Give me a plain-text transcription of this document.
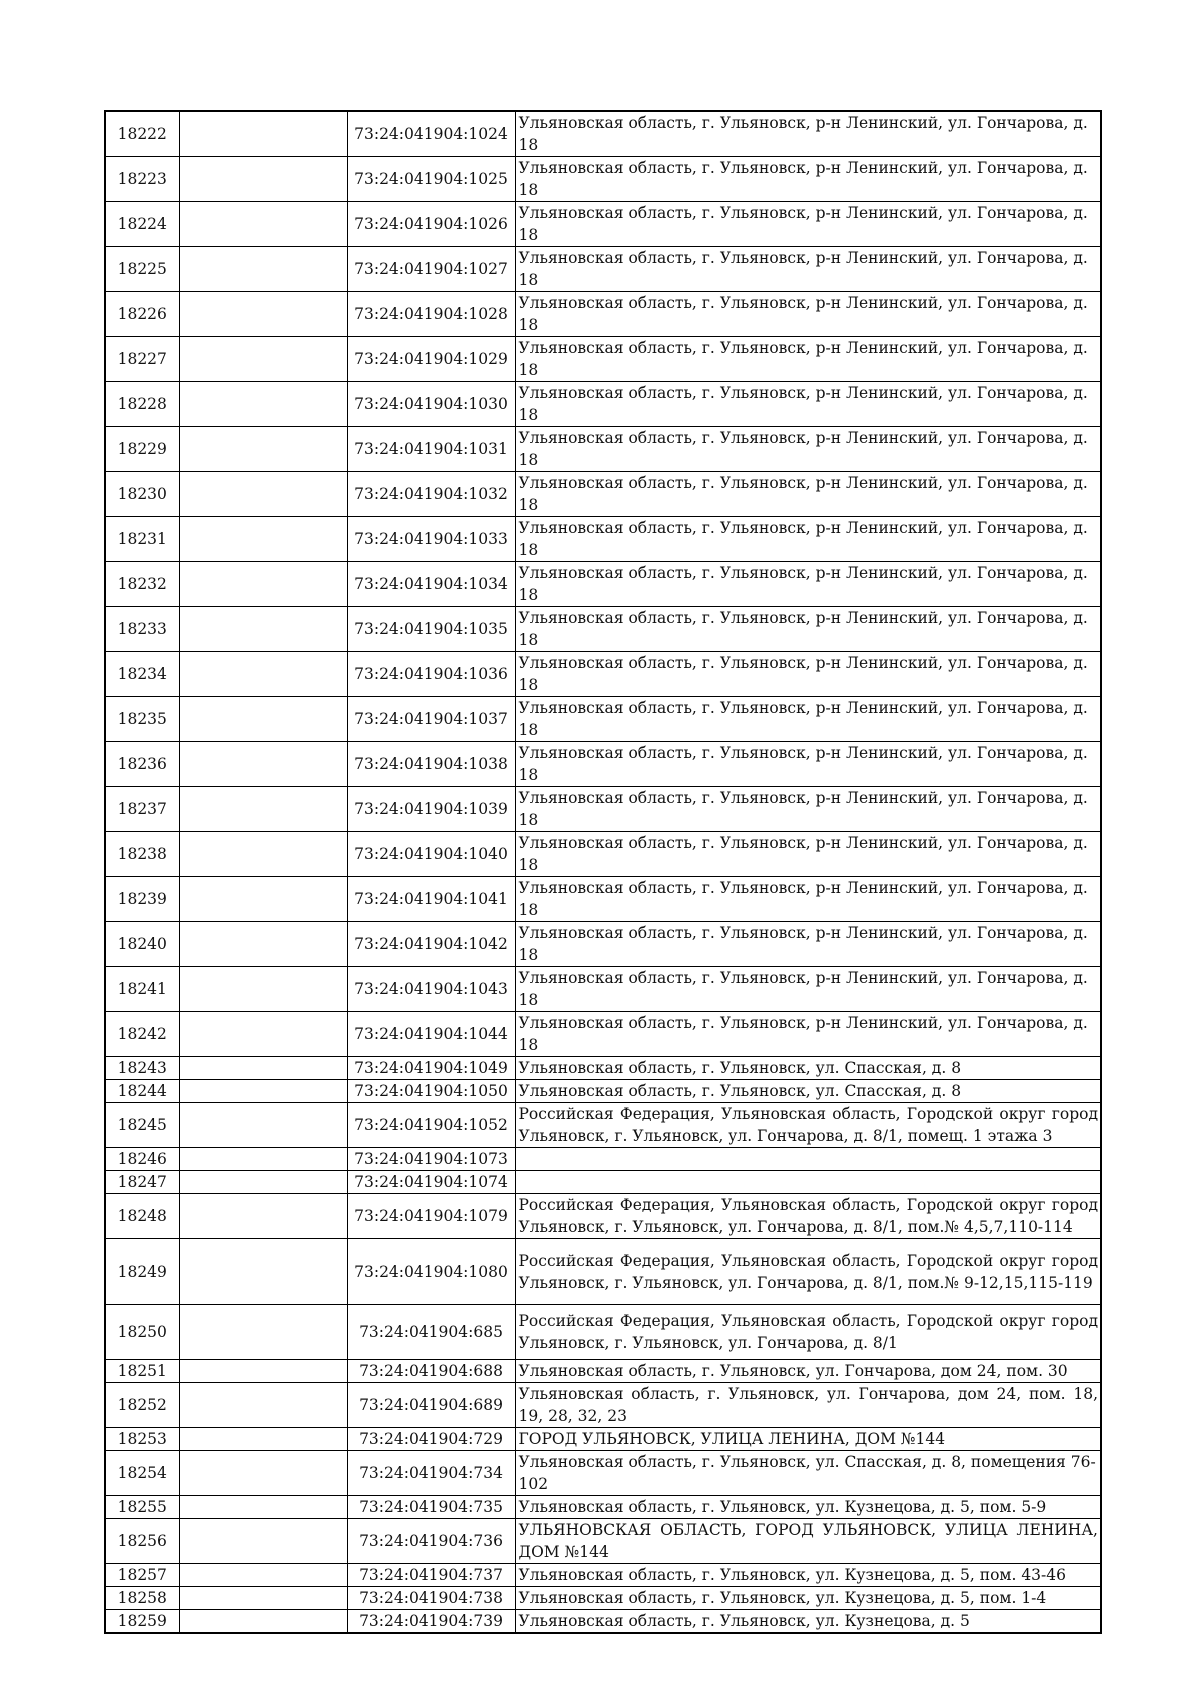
18222		73:24:041904:1024	Ульяновская область, г. Ульяновск, р-н Ленинский, ул. Гончарова, д. 18
18223		73:24:041904:1025	Ульяновская область, г. Ульяновск, р-н Ленинский, ул. Гончарова, д. 18
18224		73:24:041904:1026	Ульяновская область, г. Ульяновск, р-н Ленинский, ул. Гончарова, д. 18
18225		73:24:041904:1027	Ульяновская область, г. Ульяновск, р-н Ленинский, ул. Гончарова, д. 18
18226		73:24:041904:1028	Ульяновская область, г. Ульяновск, р-н Ленинский, ул. Гончарова, д. 18
18227		73:24:041904:1029	Ульяновская область, г. Ульяновск, р-н Ленинский, ул. Гончарова, д. 18
18228		73:24:041904:1030	Ульяновская область, г. Ульяновск, р-н Ленинский, ул. Гончарова, д. 18
18229		73:24:041904:1031	Ульяновская область, г. Ульяновск, р-н Ленинский, ул. Гончарова, д. 18
18230		73:24:041904:1032	Ульяновская область, г. Ульяновск, р-н Ленинский, ул. Гончарова, д. 18
18231		73:24:041904:1033	Ульяновская область, г. Ульяновск, р-н Ленинский, ул. Гончарова, д. 18
18232		73:24:041904:1034	Ульяновская область, г. Ульяновск, р-н Ленинский, ул. Гончарова, д. 18
18233		73:24:041904:1035	Ульяновская область, г. Ульяновск, р-н Ленинский, ул. Гончарова, д. 18
18234		73:24:041904:1036	Ульяновская область, г. Ульяновск, р-н Ленинский, ул. Гончарова, д. 18
18235		73:24:041904:1037	Ульяновская область, г. Ульяновск, р-н Ленинский, ул. Гончарова, д. 18
18236		73:24:041904:1038	Ульяновская область, г. Ульяновск, р-н Ленинский, ул. Гончарова, д. 18
18237		73:24:041904:1039	Ульяновская область, г. Ульяновск, р-н Ленинский, ул. Гончарова, д. 18
18238		73:24:041904:1040	Ульяновская область, г. Ульяновск, р-н Ленинский, ул. Гончарова, д. 18
18239		73:24:041904:1041	Ульяновская область, г. Ульяновск, р-н Ленинский, ул. Гончарова, д. 18
18240		73:24:041904:1042	Ульяновская область, г. Ульяновск, р-н Ленинский, ул. Гончарова, д. 18
18241		73:24:041904:1043	Ульяновская область, г. Ульяновск, р-н Ленинский, ул. Гончарова, д. 18
18242		73:24:041904:1044	Ульяновская область, г. Ульяновск, р-н Ленинский, ул. Гончарова, д. 18
18243		73:24:041904:1049	Ульяновская область, г. Ульяновск, ул. Спасская, д. 8
18244		73:24:041904:1050	Ульяновская область, г. Ульяновск, ул. Спасская, д. 8
18245		73:24:041904:1052	Российская Федерация, Ульяновская область, Городской округ город Ульяновск, г. Ульяновск, ул. Гончарова, д. 8/1, помещ. 1 этажа 3
18246		73:24:041904:1073	
18247		73:24:041904:1074	
18248		73:24:041904:1079	Российская Федерация, Ульяновская область, Городской округ город Ульяновск, г. Ульяновск, ул. Гончарова, д. 8/1, пом.№ 4,5,7,110-114
18249		73:24:041904:1080	Российская Федерация, Ульяновская область, Городской округ город Ульяновск, г. Ульяновск, ул. Гончарова, д. 8/1, пом.№ 9-12,15,115-119
18250		73:24:041904:685	Российская Федерация, Ульяновская область, Городской округ город Ульяновск, г. Ульяновск, ул. Гончарова, д. 8/1
18251		73:24:041904:688	Ульяновская область, г. Ульяновск, ул. Гончарова, дом 24, пом. 30
18252		73:24:041904:689	Ульяновская область, г. Ульяновск, ул. Гончарова, дом 24, пом. 18, 19, 28, 32, 23
18253		73:24:041904:729	ГОРОД УЛЬЯНОВСК, УЛИЦА ЛЕНИНА, ДОМ №144
18254		73:24:041904:734	Ульяновская область, г. Ульяновск, ул. Спасская, д. 8, помещения 76-102
18255		73:24:041904:735	Ульяновская область, г. Ульяновск, ул. Кузнецова, д. 5, пом. 5-9
18256		73:24:041904:736	УЛЬЯНОВСКАЯ ОБЛАСТЬ, ГОРОД УЛЬЯНОВСК, УЛИЦА ЛЕНИНА, ДОМ №144
18257		73:24:041904:737	Ульяновская область, г. Ульяновск, ул. Кузнецова, д. 5, пом. 43-46
18258		73:24:041904:738	Ульяновская область, г. Ульяновск, ул. Кузнецова, д. 5, пом. 1-4
18259		73:24:041904:739	Ульяновская область, г. Ульяновск, ул. Кузнецова, д. 5
